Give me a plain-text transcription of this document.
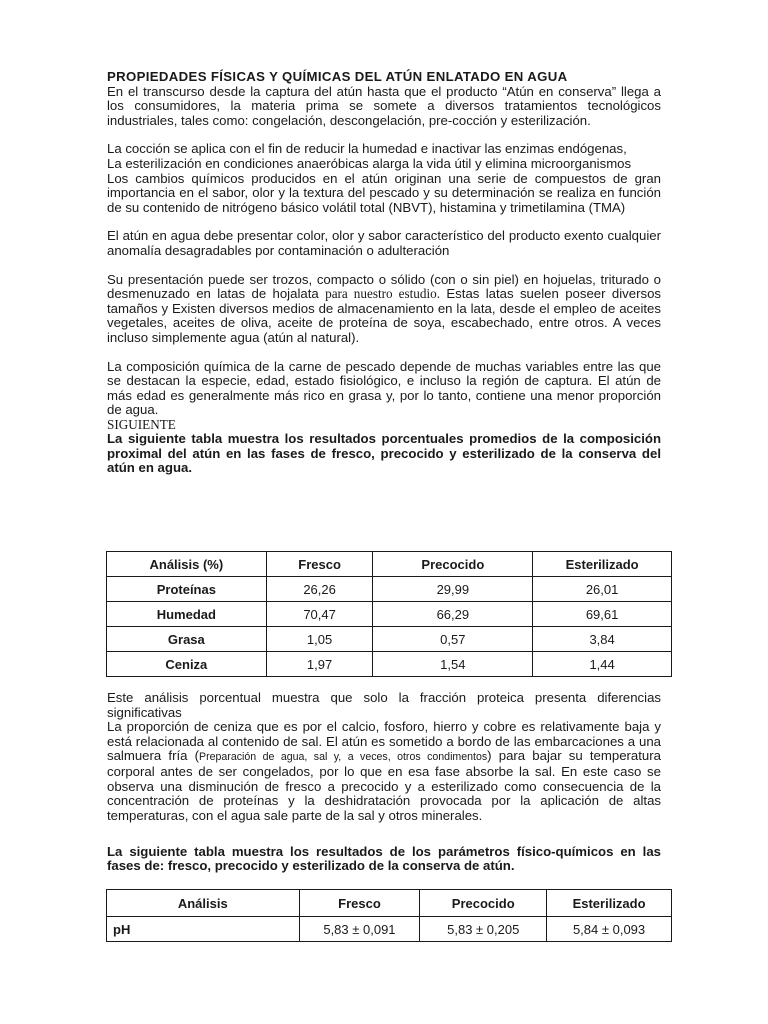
PROPIEDADES FÍSICAS Y QUÍMICAS DEL ATÚN ENLATADO EN AGUA

En el transcurso desde la captura del atún hasta que el producto “Atún en conserva” llega a los consumidores, la materia prima se somete a diversos tratamientos tecnológicos industriales, tales como: congelación, descongelación, pre-cocción y esterilización.

La cocción se aplica con el fin de reducir la humedad e inactivar las enzimas endógenas,

La esterilización en condiciones anaeróbicas alarga la vida útil y elimina microorganismos

Los cambios químicos producidos en el atún originan una serie de compuestos de gran importancia en el sabor, olor y la textura del pescado y su determinación se realiza en función de su contenido de nitrógeno básico volátil total (NBVT), histamina y trimetilamina (TMA)

El atún en agua debe presentar color, olor y sabor característico del producto exento cualquier anomalía desagradables por contaminación o adulteración

Su presentación puede ser trozos, compacto o sólido (con o sin piel) en hojuelas, triturado o desmenuzado en latas de hojalata para nuestro estudio. Estas latas suelen poseer diversos tamaños y Existen diversos medios de almacenamiento en la lata, desde el empleo de aceites vegetales, aceites de oliva, aceite de proteína de soya, escabechado, entre otros. A veces incluso simplemente agua (atún al natural).

La composición química de la carne de pescado depende de muchas variables entre las que se destacan la especie, edad, estado fisiológico, e incluso la región de captura. El atún de más edad es generalmente más rico en grasa y, por lo tanto, contiene una menor proporción de agua.

SIGUIENTE

La siguiente tabla muestra los resultados porcentuales promedios de la composición proximal del atún en las fases de fresco, precocido y esterilizado de la conserva del atún en agua.

Análisis (%)	Fresco	Precocido	Esterilizado
Proteínas	26,26	29,99	26,01
Humedad	70,47	66,29	69,61
Grasa	1,05	0,57	3,84
Ceniza	1,97	1,54	1,44

Este análisis porcentual muestra que solo la fracción proteica presenta diferencias significativas

La proporción de ceniza que es por el calcio, fosforo, hierro y cobre es relativamente baja y está relacionada al contenido de sal. El atún es sometido a bordo de las embarcaciones a una salmuera fría (Preparación de agua, sal y, a veces, otros condimentos) para bajar su temperatura corporal antes de ser congelados, por lo que en esa fase absorbe la sal. En este caso se observa una disminución de fresco a precocido y a esterilizado como consecuencia de la concentración de proteínas y la deshidratación provocada por la aplicación de altas temperaturas, con el agua sale parte de la sal y otros minerales.

La siguiente tabla muestra los resultados de los parámetros físico-químicos en las fases de: fresco, precocido y esterilizado de la conserva de atún.

Análisis	Fresco	Precocido	Esterilizado
pH	5,83 ± 0,091	5,83 ± 0,205	5,84 ± 0,093
